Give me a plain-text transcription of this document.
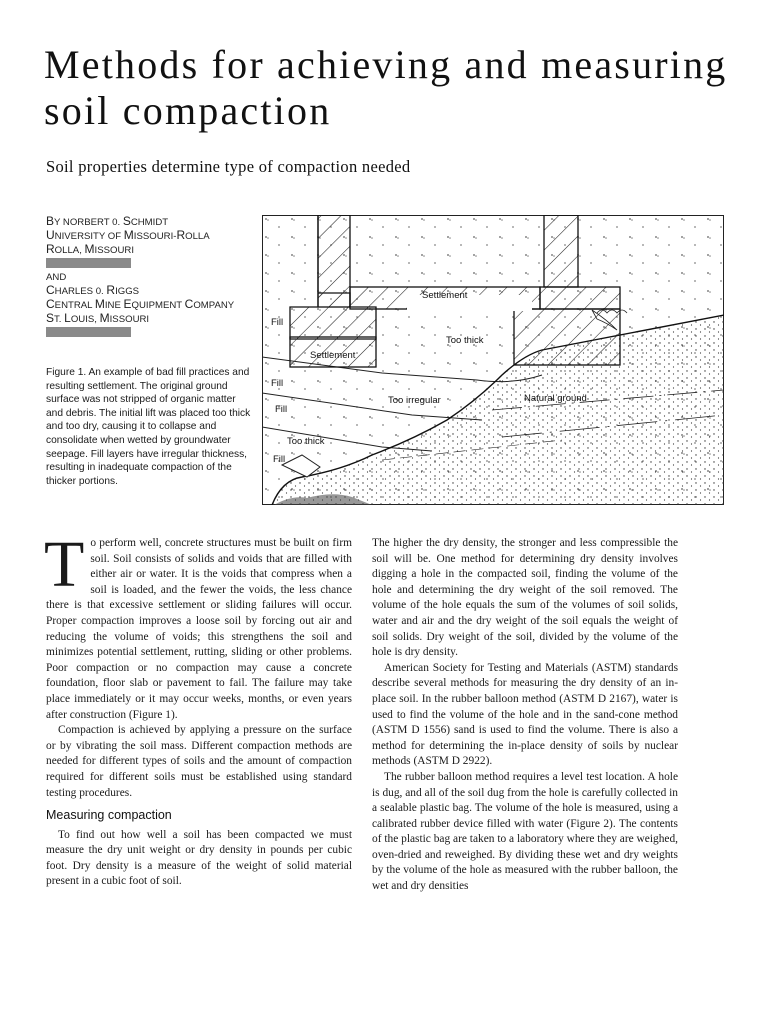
Methods for achieving and measuring soil compaction
Soil properties determine type of compaction needed
BY NORBERT 0. SCHMIDT
UNIVERSITY OF MISSOURI-ROLLA
ROLLA, MISSOURI
AND
CHARLES 0. RIGGS
CENTRAL MINE EQUIPMENT COMPANY
ST. LOUIS, MISSOURI

Figure 1. An example of bad fill practices and resulting settlement. The original ground surface was not stripped of organic matter and debris. The initial lift was placed too thick and too dry, causing it to collapse and consolidate when wetted by groundwater seepage. Fill layers have irregular thickness, resulting in inadequate compaction of the thicker portions.

Settlement
Settlement
Too thick
Too irregular	Natural ground
Too thick
Fill
Fill
Fill
Fill

To perform well, concrete structures must be built on firm soil. Soil consists of solids and voids that are filled with either air or water. It is the voids that compress when a soil is loaded, and the fewer the voids, the less chance there is that excessive settlement or sliding failures will occur. Proper compaction improves a loose soil by forcing out air and reducing the volume of voids; this strengthens the soil and minimizes potential settlement, rutting, sliding or other problems. Poor compaction or no compaction may cause a concrete foundation, floor slab or pavement to fail. The failure may take place immediately or it may occur weeks, months, or even years after construction (Figure 1).

Compaction is achieved by applying a pressure on the surface or by vibrating the soil mass. Different compaction methods are needed for different types of soils and the amount of compaction required for different soils must be established using standard testing procedures.

Measuring compaction

To find out how well a soil has been compacted we must measure the dry unit weight or dry density in pounds per cubic foot. Dry density is a measure of the weight of solid material present in a cubic foot of soil.

The higher the dry density, the stronger and less compressible the soil will be. One method for determining dry density involves digging a hole in the compacted soil, finding the volume of the hole and determining the dry weight of the soil removed. The volume of the hole equals the sum of the volumes of soil solids, water and air and the dry weight of the soil equals the weight of soil solids. Dry weight of the soil, divided by the volume of the hole is dry density.

American Society for Testing and Materials (ASTM) standards describe several methods for measuring the dry density of an in-place soil. In the rubber balloon method (ASTM D 2167), water is used to find the volume of the hole and in the sand-cone method (ASTM D 1556) sand is used to find the volume. There is also a method for determining the in-place density of soils by nuclear methods (ASTM D 2922).

The rubber balloon method requires a level test location. A hole is dug, and all of the soil dug from the hole is carefully collected in a sealable plastic bag. The volume of the hole is measured, using a calibrated rubber device filled with water (Figure 2). The contents of the plastic bag are taken to a laboratory where they are weighed, oven-dried and reweighed. By dividing these wet and dry weights by the volume of the hole as measured with the rubber balloon, the wet and dry densities
